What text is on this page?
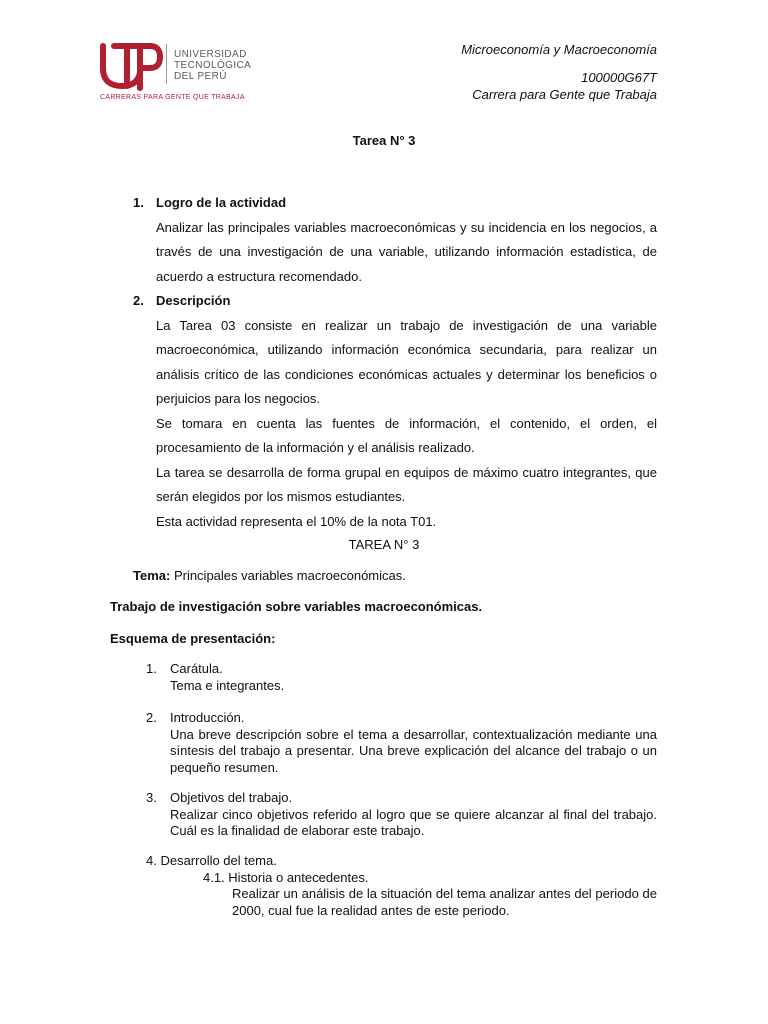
UNIVERSIDAD
TECNOLÓGICA
DEL PERÚ
CARRERAS PARA GENTE QUE TRABAJA
Microeconomía y Macroeconomía
100000G67T
Carrera para Gente que Trabaja
Tarea N° 3
1. Logro de la actividad

Analizar las principales variables macroeconómicas y su incidencia en los negocios, a través de una investigación de una variable, utilizando información estadística, de acuerdo a estructura recomendado.

2. Descripción

La Tarea 03 consiste en realizar un trabajo de investigación de una variable macroeconómica, utilizando información económica secundaria, para realizar un análisis crítico de las condiciones económicas actuales y determinar los beneficios o perjuicios para los negocios.

Se tomara en cuenta las fuentes de información, el contenido, el orden, el procesamiento de la información y el análisis realizado.

La tarea se desarrolla de forma grupal en equipos de máximo cuatro integrantes, que serán elegidos por los mismos estudiantes.

Esta actividad representa el 10% de la nota T01.

TAREA N° 3
Tema: Principales variables macroeconómicas.
Trabajo de investigación sobre variables macroeconómicas.
Esquema de presentación:
1. Carátula.

Tema e integrantes.

2. Introducción.

Una breve descripción sobre el tema a desarrollar, contextualización mediante una síntesis del trabajo a presentar. Una breve explicación del alcance del trabajo o un pequeño resumen.

3. Objetivos del trabajo.

Realizar cinco objetivos referido al logro que se quiere alcanzar al final del trabajo. Cuál es la finalidad de elaborar este trabajo.

4. Desarrollo del tema.
4.1. Historia o antecedentes.
Realizar un análisis de la situación del tema analizar antes del periodo de 2000, cual fue la realidad antes de este periodo.
